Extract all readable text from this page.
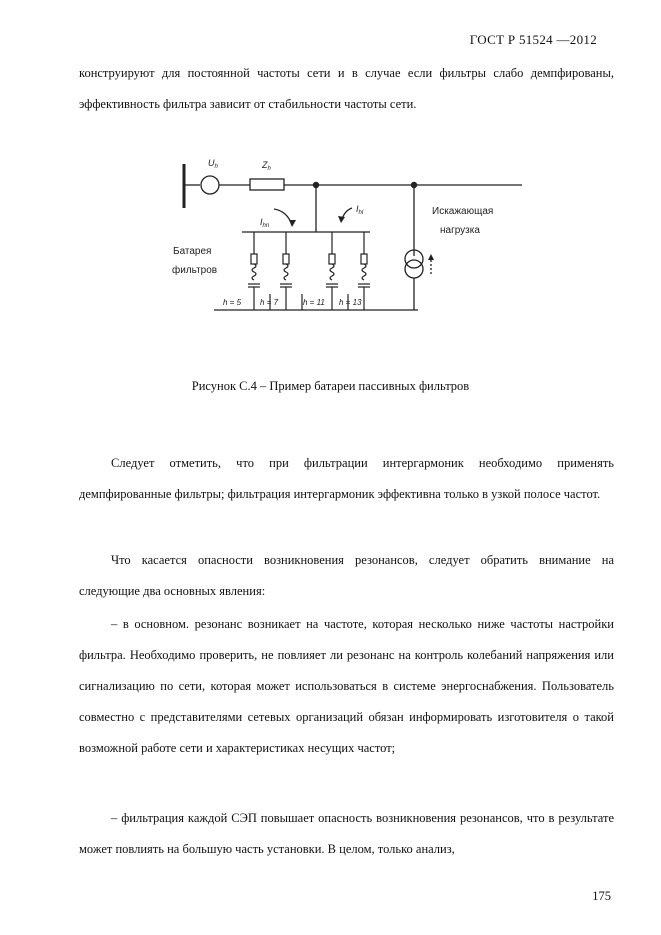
ГОСТ Р 51524 —2012
конструируют для постоянной частоты сети и в случае если фильтры слабо демпфированы, эффективность фильтра зависит от стабильности частоты сети.
$U_h$	$Z_h$
$I_{hn}$
$I_{hl}$	Искажающая
нагрузка
Батарея
фильтров
h = 5 h = 7	h = 11 h = 13
Рисунок С.4 – Пример батареи пассивных фильтров
Следует отметить, что при фильтрации интергармоник необходимо применять демпфированные фильтры; фильтрация интергармоник эффективна только в узкой полосе частот.
Что касается опасности возникновения резонансов, следует обратить внимание на следующие два основных явления:
– в основном. резонанс возникает на частоте, которая несколько ниже частоты настройки фильтра. Необходимо проверить, не повлияет ли резонанс на контроль колебаний напряжения или сигнализацию по сети, которая может использоваться в системе энергоснабжения. Пользователь совместно с представителями сетевых организаций обязан информировать изготовителя о такой возможной работе сети и характеристиках несущих частот;
– фильтрация каждой СЭП повышает опасность возникновения резонансов, что в результате может повлиять на большую часть установки. В целом, только анализ,
175
